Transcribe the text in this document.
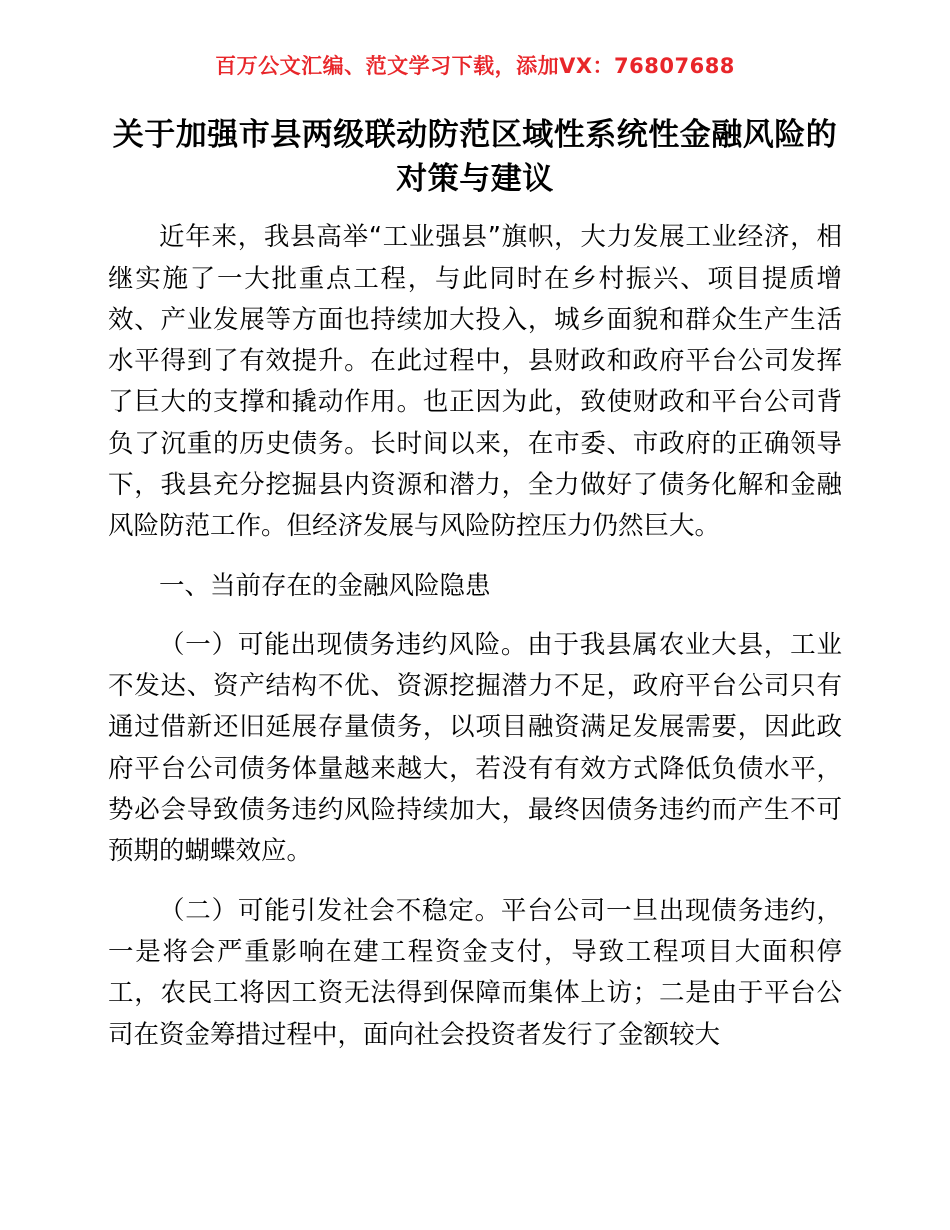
百万公文汇编、范文学习下载，添加VX：76807688
关于加强市县两级联动防范区域性系统性金融风险的对策与建议

近年来，我县高举“工业强县”旗帜，大力发展工业经济，相继实施了一大批重点工程，与此同时在乡村振兴、项目提质增效、产业发展等方面也持续加大投入，城乡面貌和群众生产生活水平得到了有效提升。在此过程中，县财政和政府平台公司发挥了巨大的支撑和撬动作用。也正因为此，致使财政和平台公司背负了沉重的历史债务。长时间以来，在市委、市政府的正确领导下，我县充分挖掘县内资源和潜力，全力做好了债务化解和金融风险防范工作。但经济发展与风险防控压力仍然巨大。

一、当前存在的金融风险隐患

（一）可能出现债务违约风险。由于我县属农业大县，工业不发达、资产结构不优、资源挖掘潜力不足，政府平台公司只有通过借新还旧延展存量债务，以项目融资满足发展需要，因此政府平台公司债务体量越来越大，若没有有效方式降低负债水平，势必会导致债务违约风险持续加大，最终因债务违约而产生不可预期的蝴蝶效应。

（二）可能引发社会不稳定。平台公司一旦出现债务违约，一是将会严重影响在建工程资金支付，导致工程项目大面积停工，农民工将因工资无法得到保障而集体上访；二是由于平台公司在资金筹措过程中，面向社会投资者发行了金额较大
